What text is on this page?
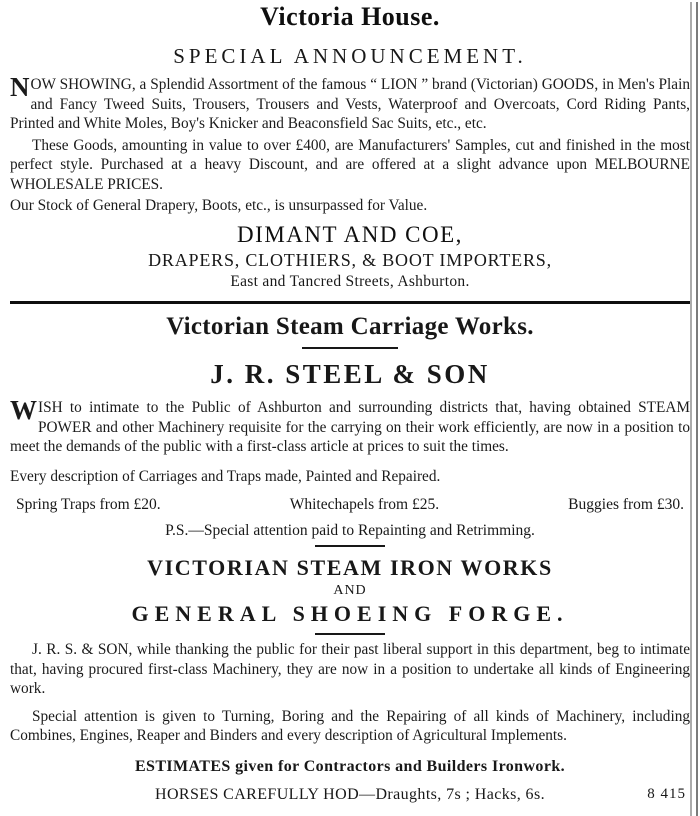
Victoria House.
SPECIAL ANNOUNCEMENT.

NOW SHOWING, a Splendid Assortment of the famous “ LION ” brand (Victorian) GOODS, in Men's Plain and Fancy Tweed Suits, Trousers, Trousers and Vests, Waterproof and Overcoats, Cord Riding Pants, Printed and White Moles, Boy's Knicker and Beaconsfield Sac Suits, etc., etc.

These Goods, amounting in value to over £400, are Manufacturers' Samples, cut and finished in the most perfect style. Purchased at a heavy Discount, and are offered at a slight advance upon MELBOURNE WHOLESALE PRICES.

Our Stock of General Drapery, Boots, etc., is unsurpassed for Value.

DIMANT AND COE,
DRAPERS, CLOTHIERS, & BOOT IMPORTERS,
East and Tancred Streets, Ashburton.
Victorian Steam Carriage Works.
J. R. STEEL & SON

WISH to intimate to the Public of Ashburton and surrounding districts that, having obtained STEAM POWER and other Machinery requisite for the carrying on their work efficiently, are now in a position to meet the demands of the public with a first-class article at prices to suit the times.

Every description of Carriages and Traps made, Painted and Repaired.

Spring Traps from £20.	Whitechapels from £25.	Buggies from £30.
P.S.—Special attention paid to Repainting and Retrimming.
VICTORIAN STEAM IRON WORKS
AND
GENERAL SHOEING FORGE.

J. R. S. & SON, while thanking the public for their past liberal support in this department, beg to intimate that, having procured first-class Machinery, they are now in a position to undertake all kinds of Engineering work.

Special attention is given to Turning, Boring and the Repairing of all kinds of Machinery, including Combines, Engines, Reaper and Binders and every description of Agricultural Implements.

ESTIMATES given for Contractors and Builders Ironwork.
HORSES CAREFULLY HOD—Draughts, 7s ; Hacks, 6s.	8 415
